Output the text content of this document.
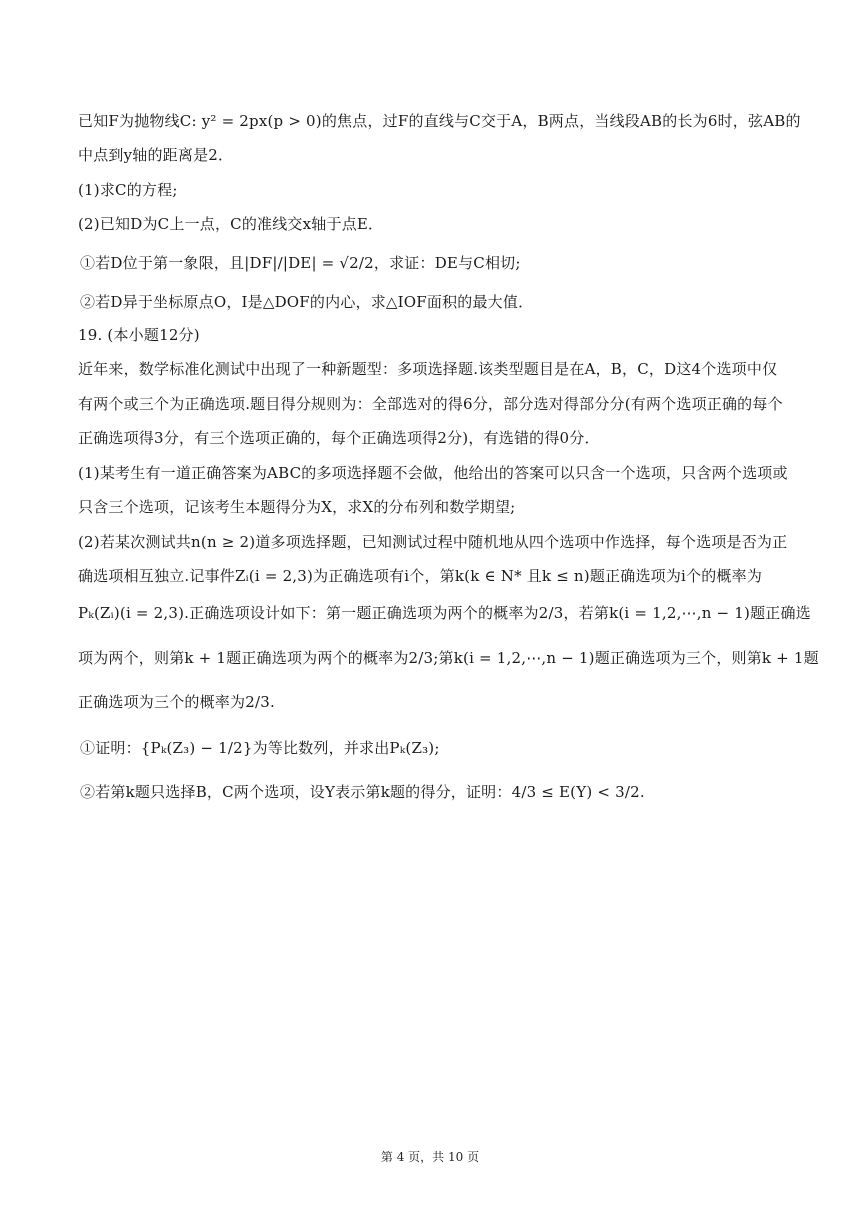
已知F为抛物线C: y² = 2px(p > 0)的焦点，过F的直线与C交于A，B两点，当线段AB的长为6时，弦AB的
中点到y轴的距离是2．
(1)求C的方程;
(2)已知D为C上一点，C的准线交x轴于点E．
①若D位于第一象限，且|DF|/|DE| = √2/2，求证：DE与C相切;
②若D异于坐标原点O，I是△DOF的内心，求△IOF面积的最大值．
19. (本小题12分)
近年来，数学标准化测试中出现了一种新题型：多项选择题.该类型题目是在A，B，C，D这4个选项中仅
有两个或三个为正确选项.题目得分规则为：全部选对的得6分，部分选对得部分分(有两个选项正确的每个
正确选项得3分，有三个选项正确的，每个正确选项得2分)，有选错的得0分．
(1)某考生有一道正确答案为ABC的多项选择题不会做，他给出的答案可以只含一个选项，只含两个选项或
只含三个选项，记该考生本题得分为X，求X的分布列和数学期望;
(2)若某次测试共n(n ≥ 2)道多项选择题，已知测试过程中随机地从四个选项中作选择，每个选项是否为正
确选项相互独立.记事件Zᵢ(i = 2,3)为正确选项有i个，第k(k ∈ N* 且k ≤ n)题正确选项为i个的概率为
Pₖ(Zᵢ)(i = 2,3).正确选项设计如下：第一题正确选项为两个的概率为2/3，若第k(i = 1,2,⋯,n − 1)题正确选
项为两个，则第k + 1题正确选项为两个的概率为2/3;第k(i = 1,2,⋯,n − 1)题正确选项为三个，则第k + 1题
正确选项为三个的概率为2/3.
①证明：{Pₖ(Z₃) − 1/2}为等比数列，并求出Pₖ(Z₃);
②若第k题只选择B，C两个选项，设Y表示第k题的得分，证明：4/3 ≤ E(Y) < 3/2.
第 4 页，共 10 页
